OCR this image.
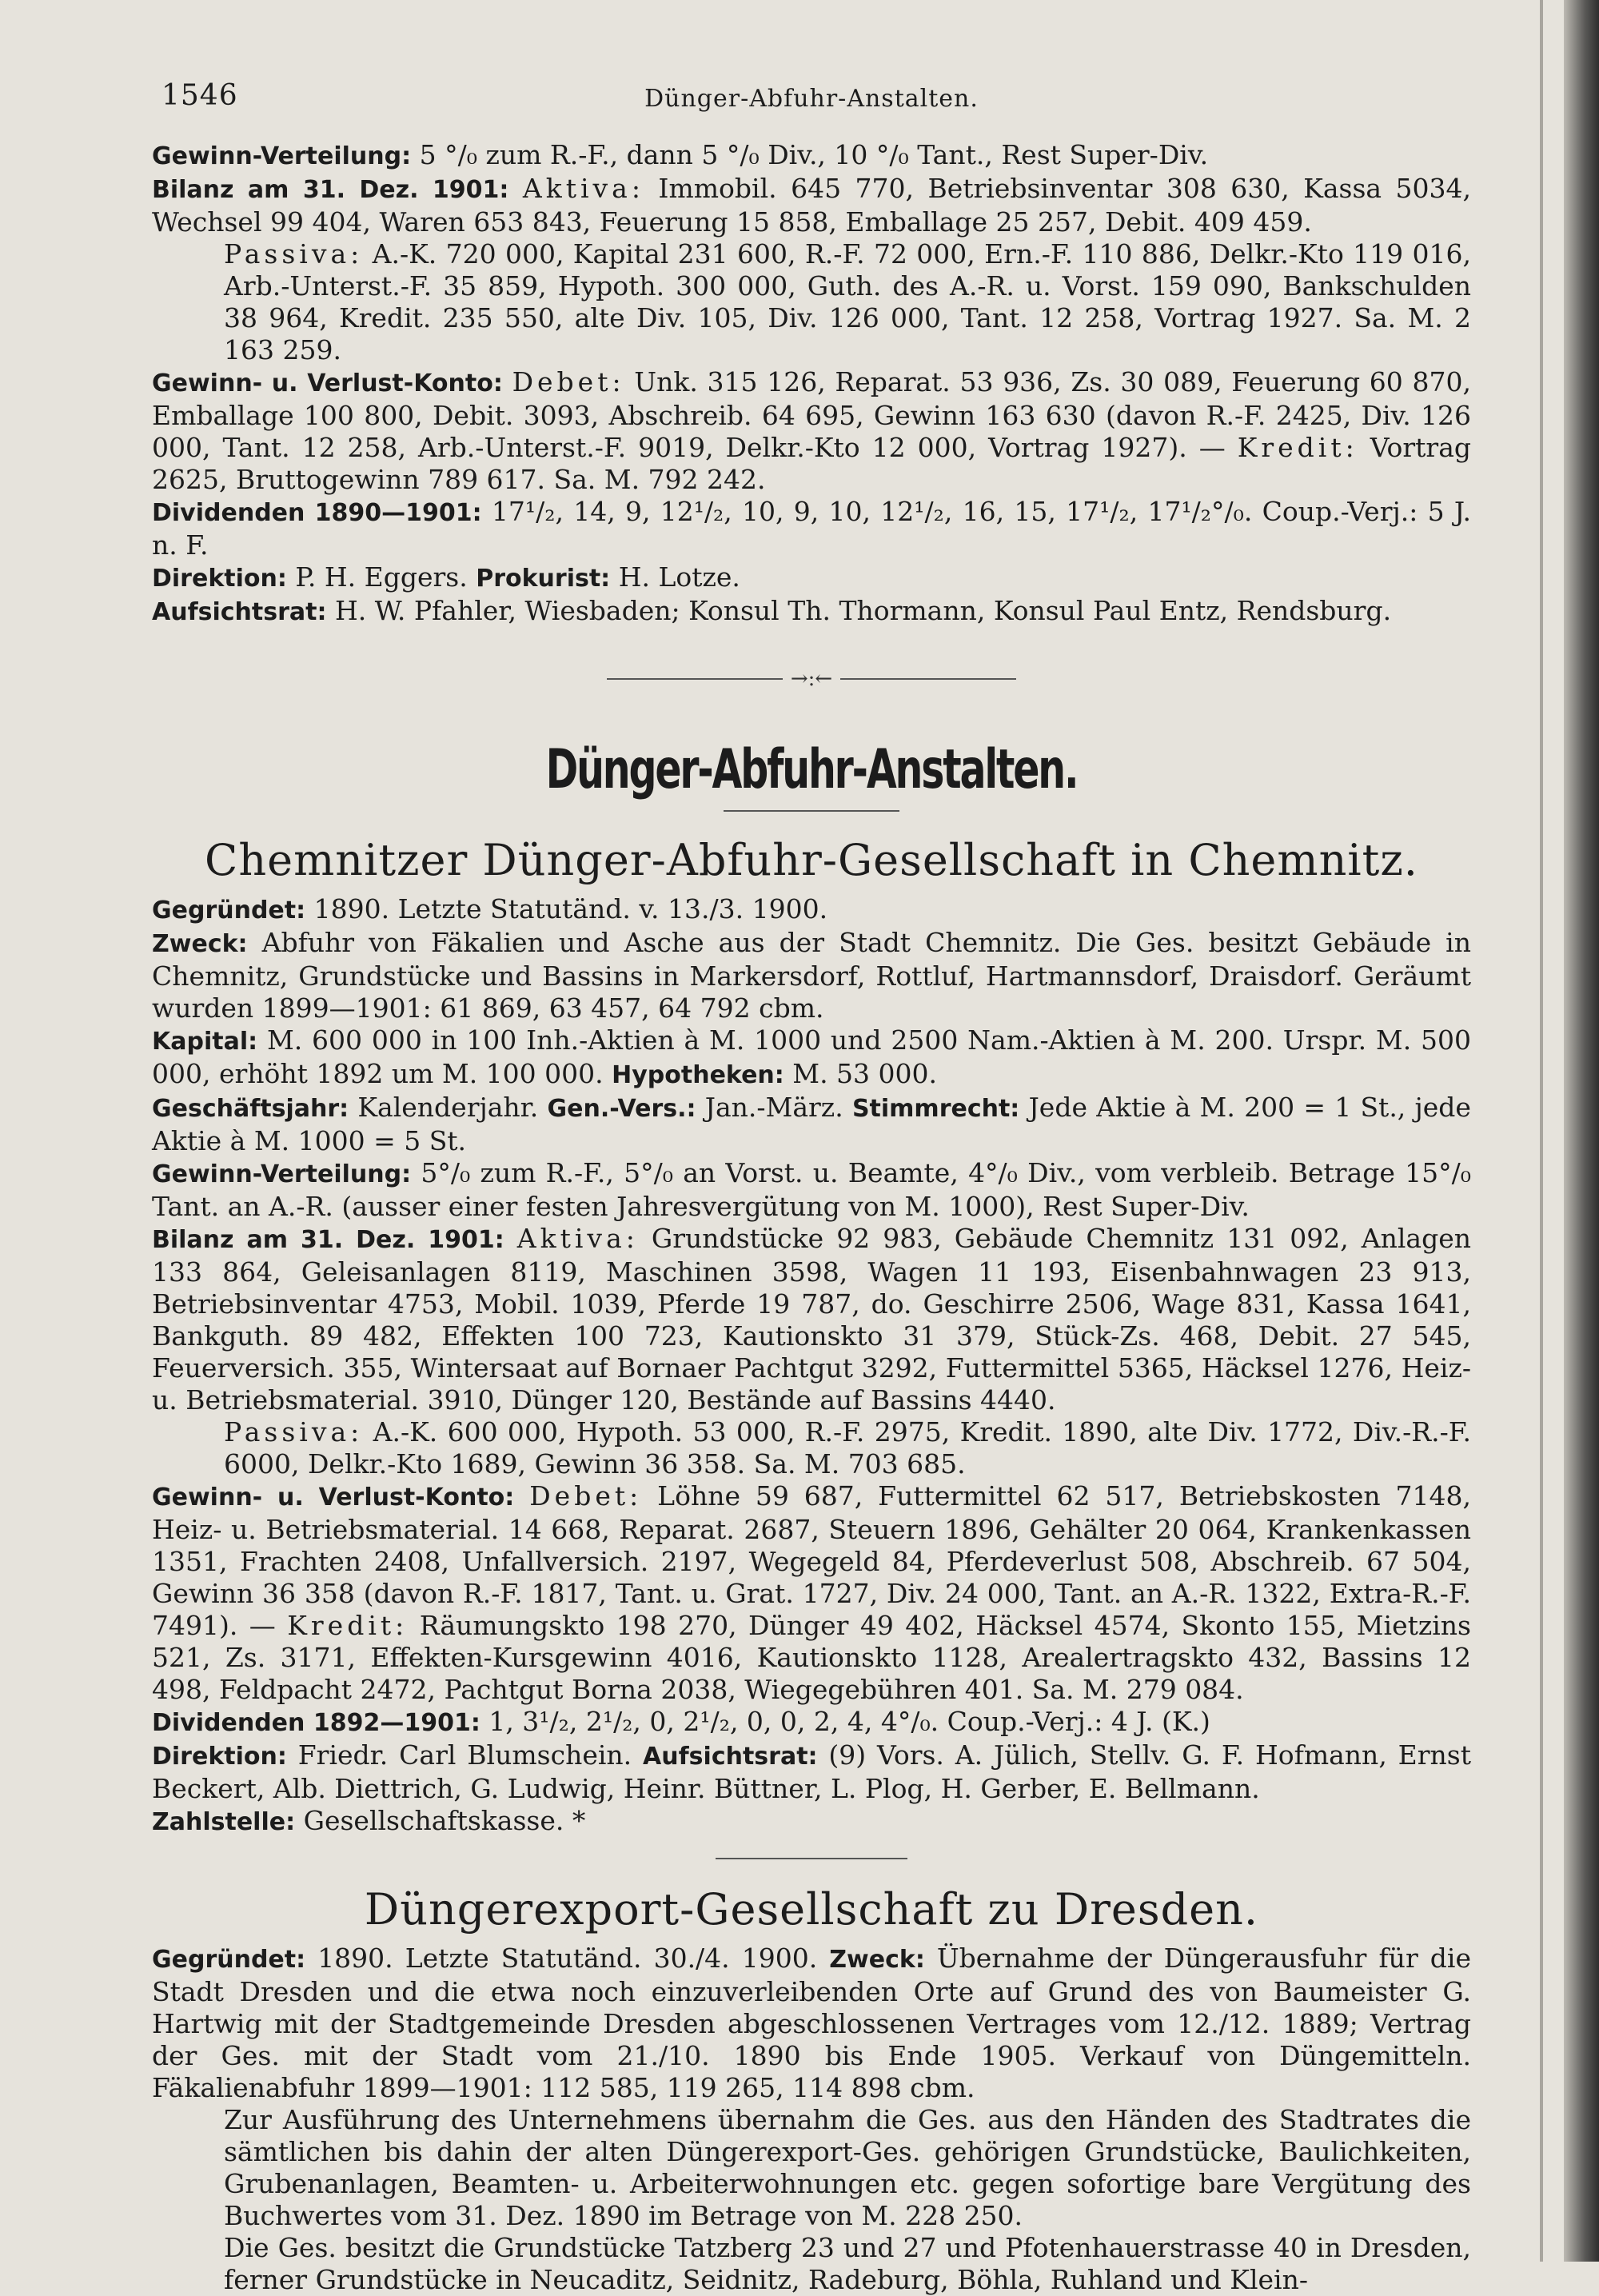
1546	Dünger-Abfuhr-Anstalten.

Gewinn-Verteilung: 5 °/₀ zum R.-F., dann 5 °/₀ Div., 10 °/₀ Tant., Rest Super-Div.

Bilanz am 31. Dez. 1901: Aktiva: Immobil. 645 770, Betriebsinventar 308 630, Kassa 5034, Wechsel 99 404, Waren 653 843, Feuerung 15 858, Emballage 25 257, Debit. 409 459.

Passiva: A.-K. 720 000, Kapital 231 600, R.-F. 72 000, Ern.-F. 110 886, Delkr.-Kto 119 016, Arb.-Unterst.-F. 35 859, Hypoth. 300 000, Guth. des A.-R. u. Vorst. 159 090, Bankschulden 38 964, Kredit. 235 550, alte Div. 105, Div. 126 000, Tant. 12 258, Vortrag 1927. Sa. M. 2 163 259.

Gewinn- u. Verlust-Konto: Debet: Unk. 315 126, Reparat. 53 936, Zs. 30 089, Feuerung 60 870, Emballage 100 800, Debit. 3093, Abschreib. 64 695, Gewinn 163 630 (davon R.-F. 2425, Div. 126 000, Tant. 12 258, Arb.-Unterst.-F. 9019, Delkr.-Kto 12 000, Vortrag 1927). — Kredit: Vortrag 2625, Bruttogewinn 789 617. Sa. M. 792 242.

Dividenden 1890—1901: 17¹/₂, 14, 9, 12¹/₂, 10, 9, 10, 12¹/₂, 16, 15, 17¹/₂, 17¹/₂°/₀. Coup.-Verj.: 5 J. n. F.

Direktion: P. H. Eggers. Prokurist: H. Lotze.

Aufsichtsrat: H. W. Pfahler, Wiesbaden; Konsul Th. Thormann, Konsul Paul Entz, Rendsburg.

→:←
Dünger-Abfuhr-Anstalten.
Chemnitzer Dünger-Abfuhr-Gesellschaft in Chemnitz.

Gegründet: 1890. Letzte Statutänd. v. 13./3. 1900.

Zweck: Abfuhr von Fäkalien und Asche aus der Stadt Chemnitz. Die Ges. besitzt Gebäude in Chemnitz, Grundstücke und Bassins in Markersdorf, Rottluf, Hartmannsdorf, Draisdorf. Geräumt wurden 1899—1901: 61 869, 63 457, 64 792 cbm.

Kapital: M. 600 000 in 100 Inh.-Aktien à M. 1000 und 2500 Nam.-Aktien à M. 200. Urspr. M. 500 000, erhöht 1892 um M. 100 000. Hypotheken: M. 53 000.

Geschäftsjahr: Kalenderjahr. Gen.-Vers.: Jan.-März. Stimmrecht: Jede Aktie à M. 200 = 1 St., jede Aktie à M. 1000 = 5 St.

Gewinn-Verteilung: 5°/₀ zum R.-F., 5°/₀ an Vorst. u. Beamte, 4°/₀ Div., vom verbleib. Betrage 15°/₀ Tant. an A.-R. (ausser einer festen Jahresvergütung von M. 1000), Rest Super-Div.

Bilanz am 31. Dez. 1901: Aktiva: Grundstücke 92 983, Gebäude Chemnitz 131 092, Anlagen 133 864, Geleisanlagen 8119, Maschinen 3598, Wagen 11 193, Eisenbahnwagen 23 913, Betriebsinventar 4753, Mobil. 1039, Pferde 19 787, do. Geschirre 2506, Wage 831, Kassa 1641, Bankguth. 89 482, Effekten 100 723, Kautionskto 31 379, Stück-Zs. 468, Debit. 27 545, Feuerversich. 355, Wintersaat auf Bornaer Pachtgut 3292, Futtermittel 5365, Häcksel 1276, Heiz- u. Betriebsmaterial. 3910, Dünger 120, Bestände auf Bassins 4440.

Passiva: A.-K. 600 000, Hypoth. 53 000, R.-F. 2975, Kredit. 1890, alte Div. 1772, Div.-R.-F. 6000, Delkr.-Kto 1689, Gewinn 36 358. Sa. M. 703 685.

Gewinn- u. Verlust-Konto: Debet: Löhne 59 687, Futtermittel 62 517, Betriebskosten 7148, Heiz- u. Betriebsmaterial. 14 668, Reparat. 2687, Steuern 1896, Gehälter 20 064, Krankenkassen 1351, Frachten 2408, Unfallversich. 2197, Wegegeld 84, Pferdeverlust 508, Abschreib. 67 504, Gewinn 36 358 (davon R.-F. 1817, Tant. u. Grat. 1727, Div. 24 000, Tant. an A.-R. 1322, Extra-R.-F. 7491). — Kredit: Räumungskto 198 270, Dünger 49 402, Häcksel 4574, Skonto 155, Mietzins 521, Zs. 3171, Effekten-Kursgewinn 4016, Kautionskto 1128, Arealertragskto 432, Bassins 12 498, Feldpacht 2472, Pachtgut Borna 2038, Wiegegebühren 401. Sa. M. 279 084.

Dividenden 1892—1901: 1, 3¹/₂, 2¹/₂, 0, 2¹/₂, 0, 0, 2, 4, 4°/₀. Coup.-Verj.: 4 J. (K.)

Direktion: Friedr. Carl Blumschein. Aufsichtsrat: (9) Vors. A. Jülich, Stellv. G. F. Hofmann, Ernst Beckert, Alb. Diettrich, G. Ludwig, Heinr. Büttner, L. Plog, H. Gerber, E. Bellmann.

Zahlstelle: Gesellschaftskasse. *

Düngerexport-Gesellschaft zu Dresden.

Gegründet: 1890. Letzte Statutänd. 30./4. 1900. Zweck: Übernahme der Düngerausfuhr für die Stadt Dresden und die etwa noch einzuverleibenden Orte auf Grund des von Baumeister G. Hartwig mit der Stadtgemeinde Dresden abgeschlossenen Vertrages vom 12./12. 1889; Vertrag der Ges. mit der Stadt vom 21./10. 1890 bis Ende 1905. Verkauf von Düngemitteln. Fäkalienabfuhr 1899—1901: 112 585, 119 265, 114 898 cbm.

Zur Ausführung des Unternehmens übernahm die Ges. aus den Händen des Stadtrates die sämtlichen bis dahin der alten Düngerexport-Ges. gehörigen Grundstücke, Baulichkeiten, Grubenanlagen, Beamten- u. Arbeiterwohnungen etc. gegen sofortige bare Vergütung des Buchwertes vom 31. Dez. 1890 im Betrage von M. 228 250.

Die Ges. besitzt die Grundstücke Tatzberg 23 und 27 und Pfotenhauerstrasse 40 in Dresden, ferner Grundstücke in Neucaditz, Seidnitz, Radeburg, Böhla, Ruhland und Klein-
